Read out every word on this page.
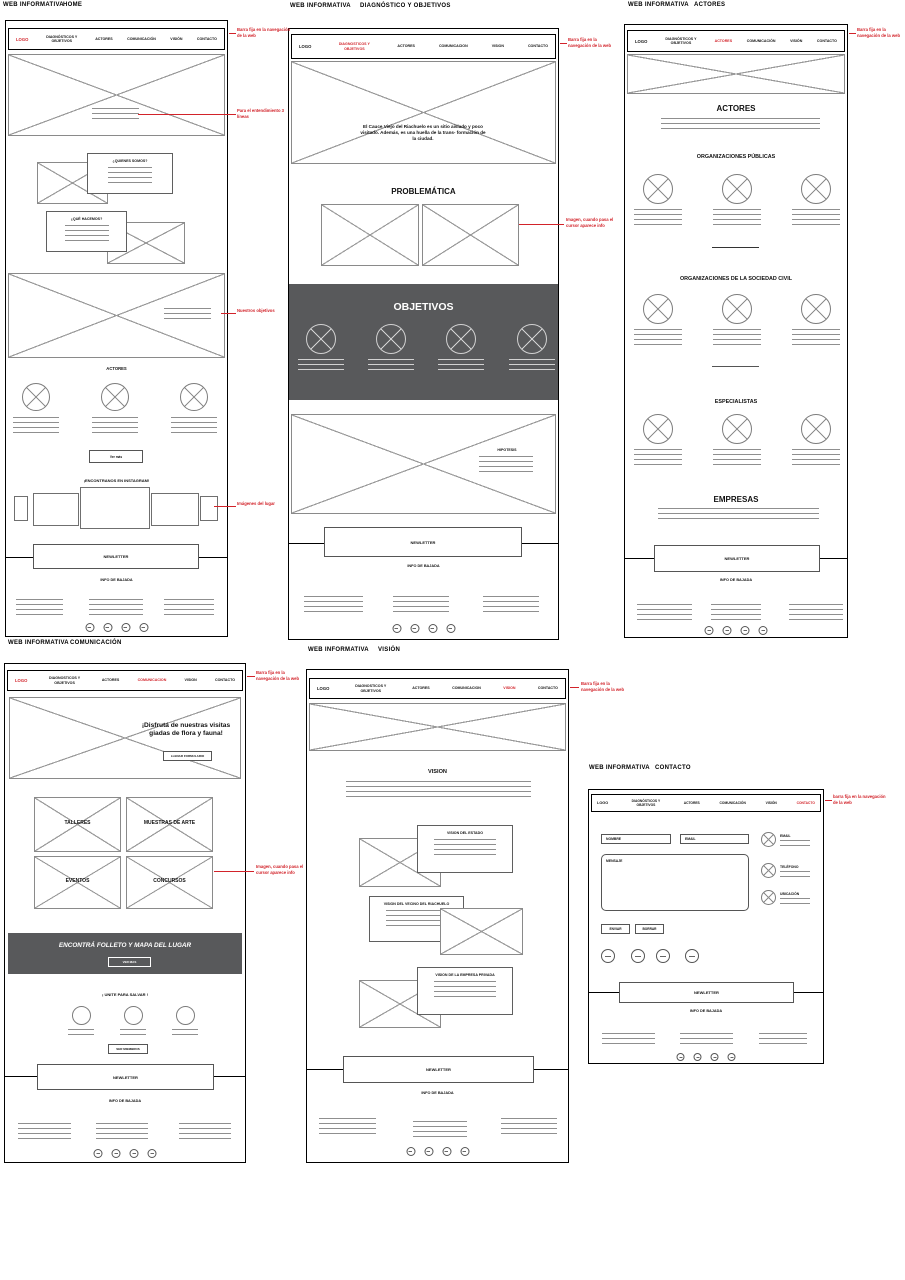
WEB INFORMATIVA HOME	WEB INFORMATIVA DIAGNÓSTICO Y OBJETIVOS	WEB INFORMATIVA ACTORES
WEB INFORMATIVA COMUNICACIÓN
WEB INFORMATIVA VISIÓN
WEB INFORMATIVA CONTACTO
LOGO	DIAGNÓSTICOS Y OBJETIVOS
ACTORES	COMUNICACIÓN	VISIÓN	CONTACTO
¿QUIENES SOMOS?
¿QUÉ HACEMOS?
ACTORES
Ver más
¡ENCONTRANOS EN INSTAGRAM!
NEWLETTER
INFO DE BAJADA
Barra fija en la navegación de la web
Para el entendimiento 3 líneas
Nuestros objetivos
Imágenes del lugar
LOGO	DIAGNOSTICOS Y OBJETIVOS
ACTORES	COMUNICACION	VISION	CONTACTO
El Cauce Viejo del Riachuelo es un sitio aislado y poco visitado. Además, es una huella de la trans- formación de la ciudad.
PROBLEMÁTICA
OBJETIVOS
HIPOTESIS
NEWLETTER
INFO DE BAJADA
Barra fija en la navegación de la web
Imagen, cuando pasa el cursor aparece info
LOGO	DIAGNÓSTICOS Y OBJETIVOS
ACTORES	COMUNICACIÓN	VISIÓN	CONTACTO
ACTORES
ORGANIZACIONES PÚBLICAS
ORGANIZACIONES DE LA SOCIEDAD CIVIL
ESPECIALISTAS
EMPRESAS
NEWLETTER
INFO DE BAJADA
Barra fija en la navegación de la web
LOGO	DIAGNOSTICOS Y OBJETIVOS
ACTORES	COMUNICACION	VISION	CONTACTO
¡Disfrutá de nuestras visitas giadas de flora y fauna!
LLENAR FORMULARIO
TALLERES	MUESTRAS DE ARTE
EVENTOS	CONCURSOS
ENCONTRÁ FOLLETO Y MAPA DEL LUGAR
VER MAS
¡ UNITE PARA SALVAR !
SER MIEMBROS
NEWLETTER
INFO DE BAJADA
Barra fija en la navegación de la web
Imagen, cuando pasa el cursor aparece info
LOGO	DIAGNOSTICOS Y OBJETIVOS
ACTORES	COMUNICACION	VISION	CONTACTO
VISION
VISION DEL ESTADO
VISION DEL VECINO DEL RIACHUELO
VISION DE LA EMPRESA PRIVADA
NEWLETTER
INFO DE BAJADA
Barra fija en la navegación de la web
LOGO
DIAGNÓSTICOS Y OBJETIVOS
ACTORES	COMUNICACIÓN	VISIÓN	CONTACTO
NOMBRE	EMAIL
MENSAJE
EMAIL
TELÉFONO
UBICACIÓN
ENVIAR	BORRAR
NEWLETTER
INFO DE BAJADA
barra fija en la navegación de la web
